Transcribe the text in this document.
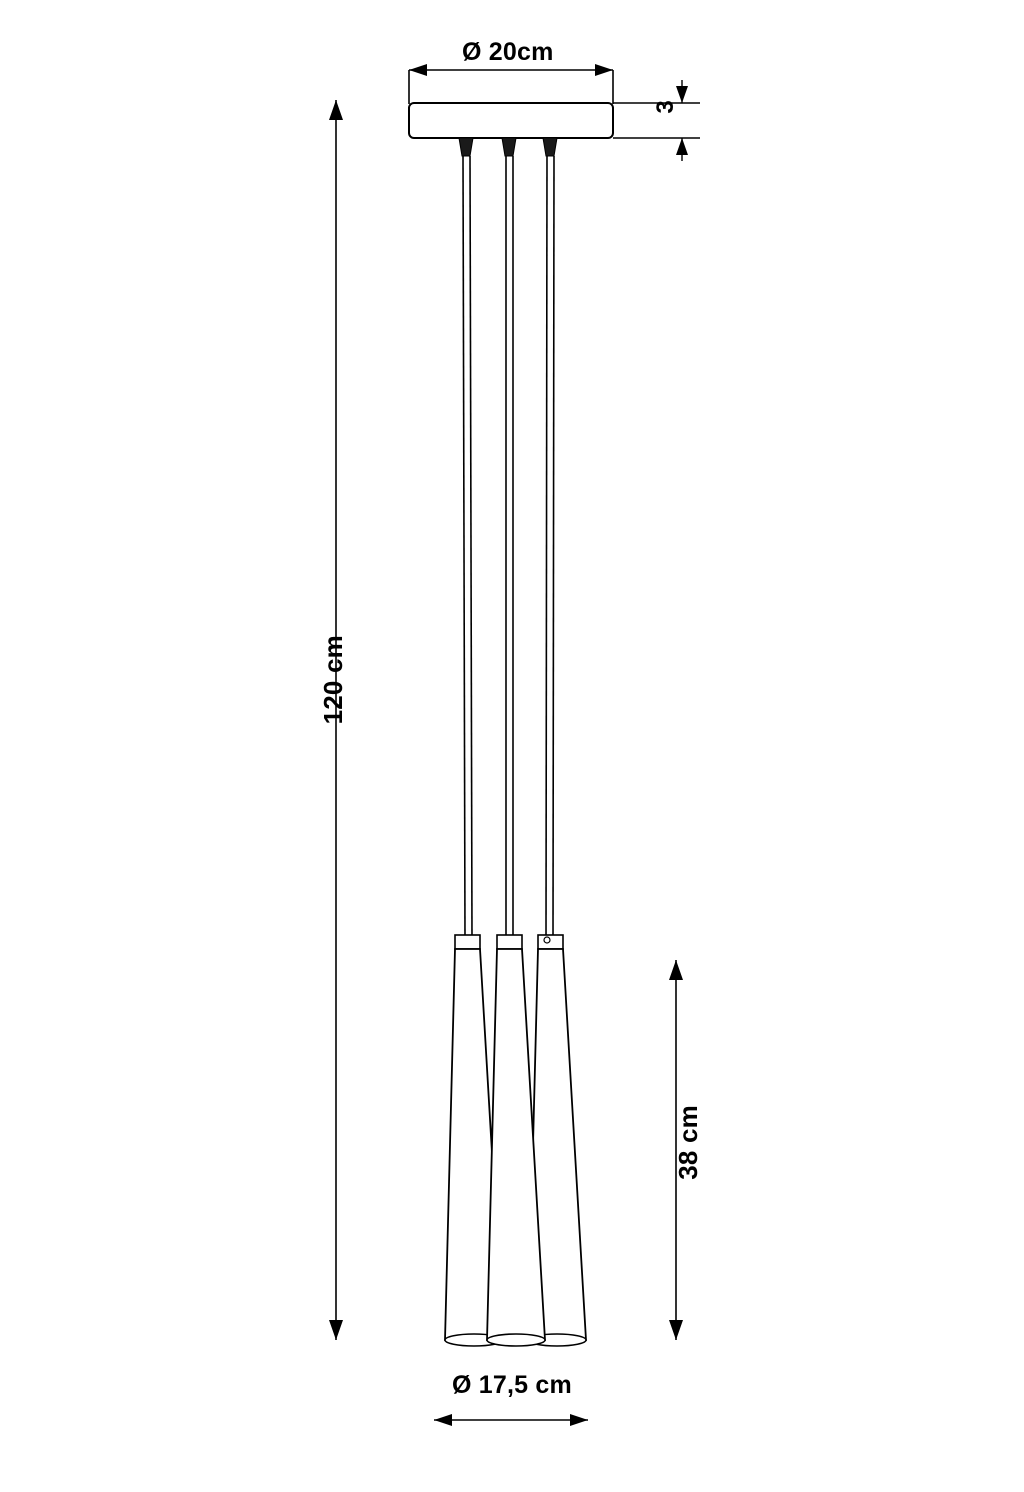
Ø 20cm
3
120 cm
38 cm
Ø 17,5 cm
